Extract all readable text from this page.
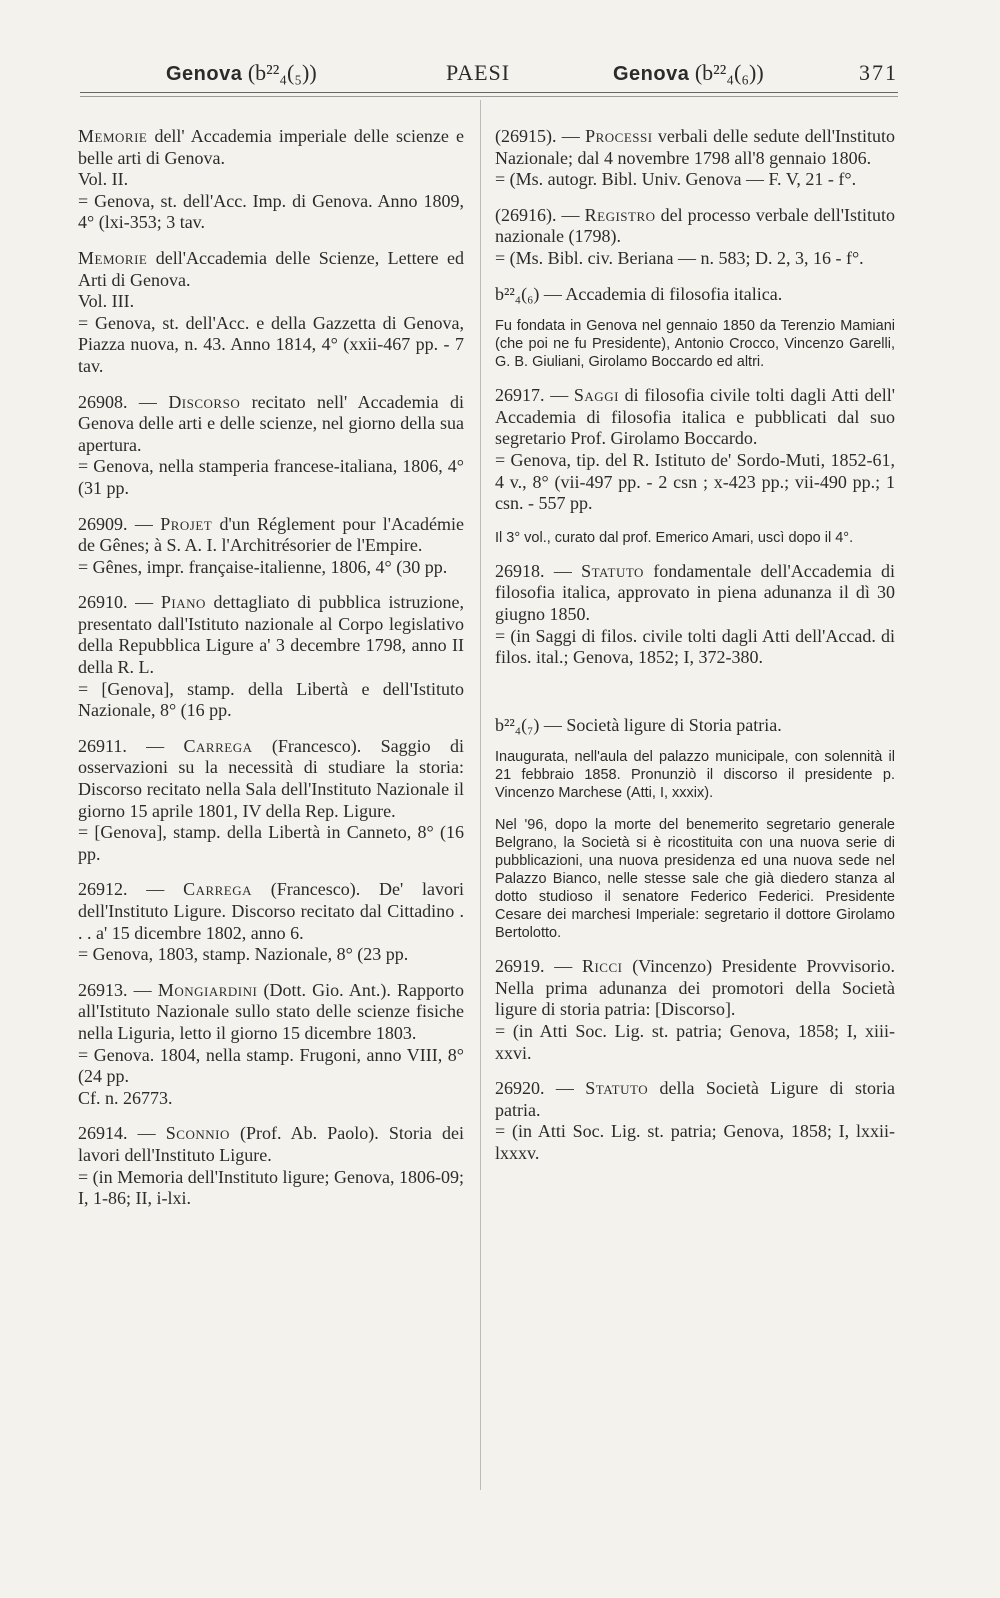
Genova (b²²₄(₅))	PAESI	Genova (b²²₄(₆))	371

Memorie dell' Accademia imperiale delle scienze e belle arti di Genova.

Vol. II.

= Genova, st. dell'Acc. Imp. di Genova. Anno 1809, 4° (lxi-353; 3 tav.

Memorie dell'Accademia delle Scienze, Lettere ed Arti di Genova.

Vol. III.

= Genova, st. dell'Acc. e della Gazzetta di Genova, Piazza nuova, n. 43. Anno 1814, 4° (xxii-467 pp. - 7 tav.

26908. — Discorso recitato nell' Accademia di Genova delle arti e delle scienze, nel giorno della sua apertura.

= Genova, nella stamperia francese-italiana, 1806, 4° (31 pp.

26909. — Projet d'un Réglement pour l'Académie de Gênes; à S. A. I. l'Architrésorier de l'Empire.

= Gênes, impr. française-italienne, 1806, 4° (30 pp.

26910. — Piano dettagliato di pubblica istruzione, presentato dall'Istituto nazionale al Corpo legislativo della Repubblica Ligure a' 3 decembre 1798, anno II della R. L.

= [Genova], stamp. della Libertà e dell'Istituto Nazionale, 8° (16 pp.

26911. — Carrega (Francesco). Saggio di osservazioni su la necessità di studiare la storia: Discorso recitato nella Sala dell'Instituto Nazionale il giorno 15 aprile 1801, IV della Rep. Ligure.

= [Genova], stamp. della Libertà in Canneto, 8° (16 pp.

26912. — Carrega (Francesco). De' lavori dell'Instituto Ligure. Discorso recitato dal Cittadino . . . a' 15 dicembre 1802, anno 6.

= Genova, 1803, stamp. Nazionale, 8° (23 pp.

26913. — Mongiardini (Dott. Gio. Ant.). Rapporto all'Istituto Nazionale sullo stato delle scienze fisiche nella Liguria, letto il giorno 15 dicembre 1803.

= Genova. 1804, nella stamp. Frugoni, anno VIII, 8° (24 pp.

Cf. n. 26773.

26914. — Sconnio (Prof. Ab. Paolo). Storia dei lavori dell'Instituto Ligure.

= (in Memoria dell'Instituto ligure; Genova, 1806-09; I, 1-86; II, i-lxi.

(26915). — Processi verbali delle sedute dell'Instituto Nazionale; dal 4 novembre 1798 all'8 gennaio 1806.

= (Ms. autogr. Bibl. Univ. Genova — F. V, 21 - f°.

(26916). — Registro del processo verbale dell'Istituto nazionale (1798).

= (Ms. Bibl. civ. Beriana — n. 583; D. 2, 3, 16 - f°.

b²²₄(₆) — Accademia di filosofia italica.

Fu fondata in Genova nel gennaio 1850 da Terenzio Mamiani (che poi ne fu Presidente), Antonio Crocco, Vincenzo Garelli, G. B. Giuliani, Girolamo Boccardo ed altri.

26917. — Saggi di filosofia civile tolti dagli Atti dell' Accademia di filosofia italica e pubblicati dal suo segretario Prof. Girolamo Boccardo.

= Genova, tip. del R. Istituto de' Sordo-Muti, 1852-61, 4 v., 8° (vii-497 pp. - 2 csn ; x-423 pp.; vii-490 pp.; 1 csn. - 557 pp.

Il 3° vol., curato dal prof. Emerico Amari, uscì dopo il 4°.

26918. — Statuto fondamentale dell'Accademia di filosofia italica, approvato in piena adunanza il dì 30 giugno 1850.

= (in Saggi di filos. civile tolti dagli Atti dell'Accad. di filos. ital.; Genova, 1852; I, 372-380.

b²²₄(₇) — Società ligure di Storia patria.

Inaugurata, nell'aula del palazzo municipale, con solennità il 21 febbraio 1858. Pronunziò il discorso il presidente p. Vincenzo Marchese (Atti, I, xxxix).

Nel '96, dopo la morte del benemerito segretario generale Belgrano, la Società si è ricostituita con una nuova serie di pubblicazioni, una nuova presidenza ed una nuova sede nel Palazzo Bianco, nelle stesse sale che già diedero stanza al dotto studioso il senatore Federico Federici. Presidente Cesare dei marchesi Imperiale: segretario il dottore Girolamo Bertolotto.

26919. — Ricci (Vincenzo) Presidente Provvisorio. Nella prima adunanza dei promotori della Società ligure di storia patria: [Discorso].

= (in Atti Soc. Lig. st. patria; Genova, 1858; I, xiii-xxvi.

26920. — Statuto della Società Ligure di storia patria.

= (in Atti Soc. Lig. st. patria; Genova, 1858; I, lxxii-lxxxv.
